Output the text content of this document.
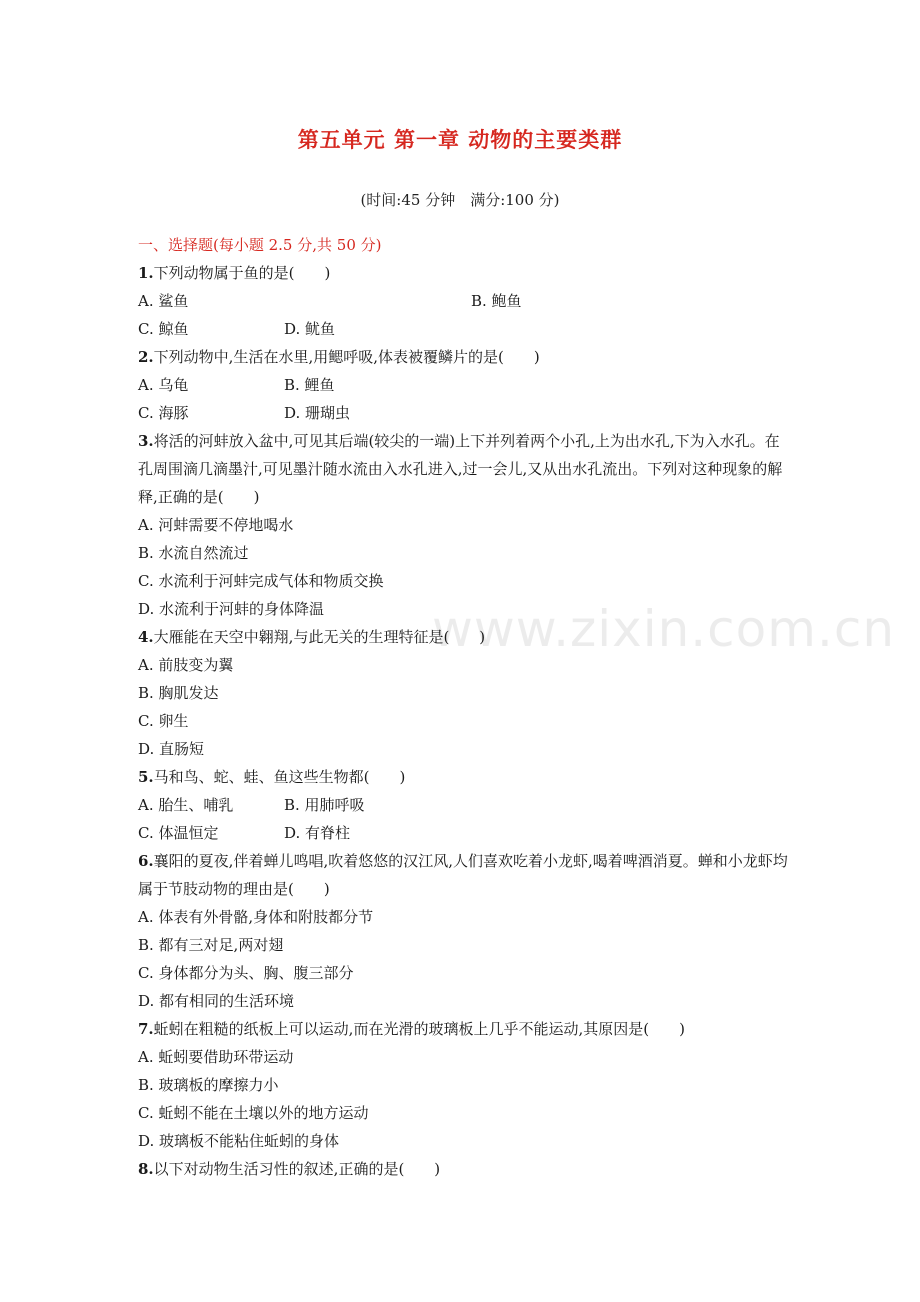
第五单元 第一章 动物的主要类群
(时间:45 分钟　满分:100 分)
www.zixin.com.cn
一、选择题(每小题 2.5 分,共 50 分)
1.下列动物属于鱼的是(　　)
A. 鲨鱼	B. 鲍鱼
C. 鲸鱼	D. 鱿鱼
2.下列动物中,生活在水里,用鳃呼吸,体表被覆鳞片的是(　　)
A. 乌龟	B. 鲤鱼
C. 海豚	D. 珊瑚虫
3.将活的河蚌放入盆中,可见其后端(较尖的一端)上下并列着两个小孔,上为出水孔,下为入水孔。在孔周围滴几滴墨汁,可见墨汁随水流由入水孔进入,过一会儿,又从出水孔流出。下列对这种现象的解释,正确的是(　　)
A. 河蚌需要不停地喝水
B. 水流自然流过
C. 水流利于河蚌完成气体和物质交换
D. 水流利于河蚌的身体降温
4.大雁能在天空中翱翔,与此无关的生理特征是(　　)
A. 前肢变为翼
B. 胸肌发达
C. 卵生
D. 直肠短
5.马和鸟、蛇、蛙、鱼这些生物都(　　)
A. 胎生、哺乳	B. 用肺呼吸
C. 体温恒定	D. 有脊柱
6.襄阳的夏夜,伴着蝉儿鸣唱,吹着悠悠的汉江风,人们喜欢吃着小龙虾,喝着啤酒消夏。蝉和小龙虾均属于节肢动物的理由是(　　)
A. 体表有外骨骼,身体和附肢都分节
B. 都有三对足,两对翅
C. 身体都分为头、胸、腹三部分
D. 都有相同的生活环境
7.蚯蚓在粗糙的纸板上可以运动,而在光滑的玻璃板上几乎不能运动,其原因是(　　)
A. 蚯蚓要借助环带运动
B. 玻璃板的摩擦力小
C. 蚯蚓不能在土壤以外的地方运动
D. 玻璃板不能粘住蚯蚓的身体
8.以下对动物生活习性的叙述,正确的是(　　)
